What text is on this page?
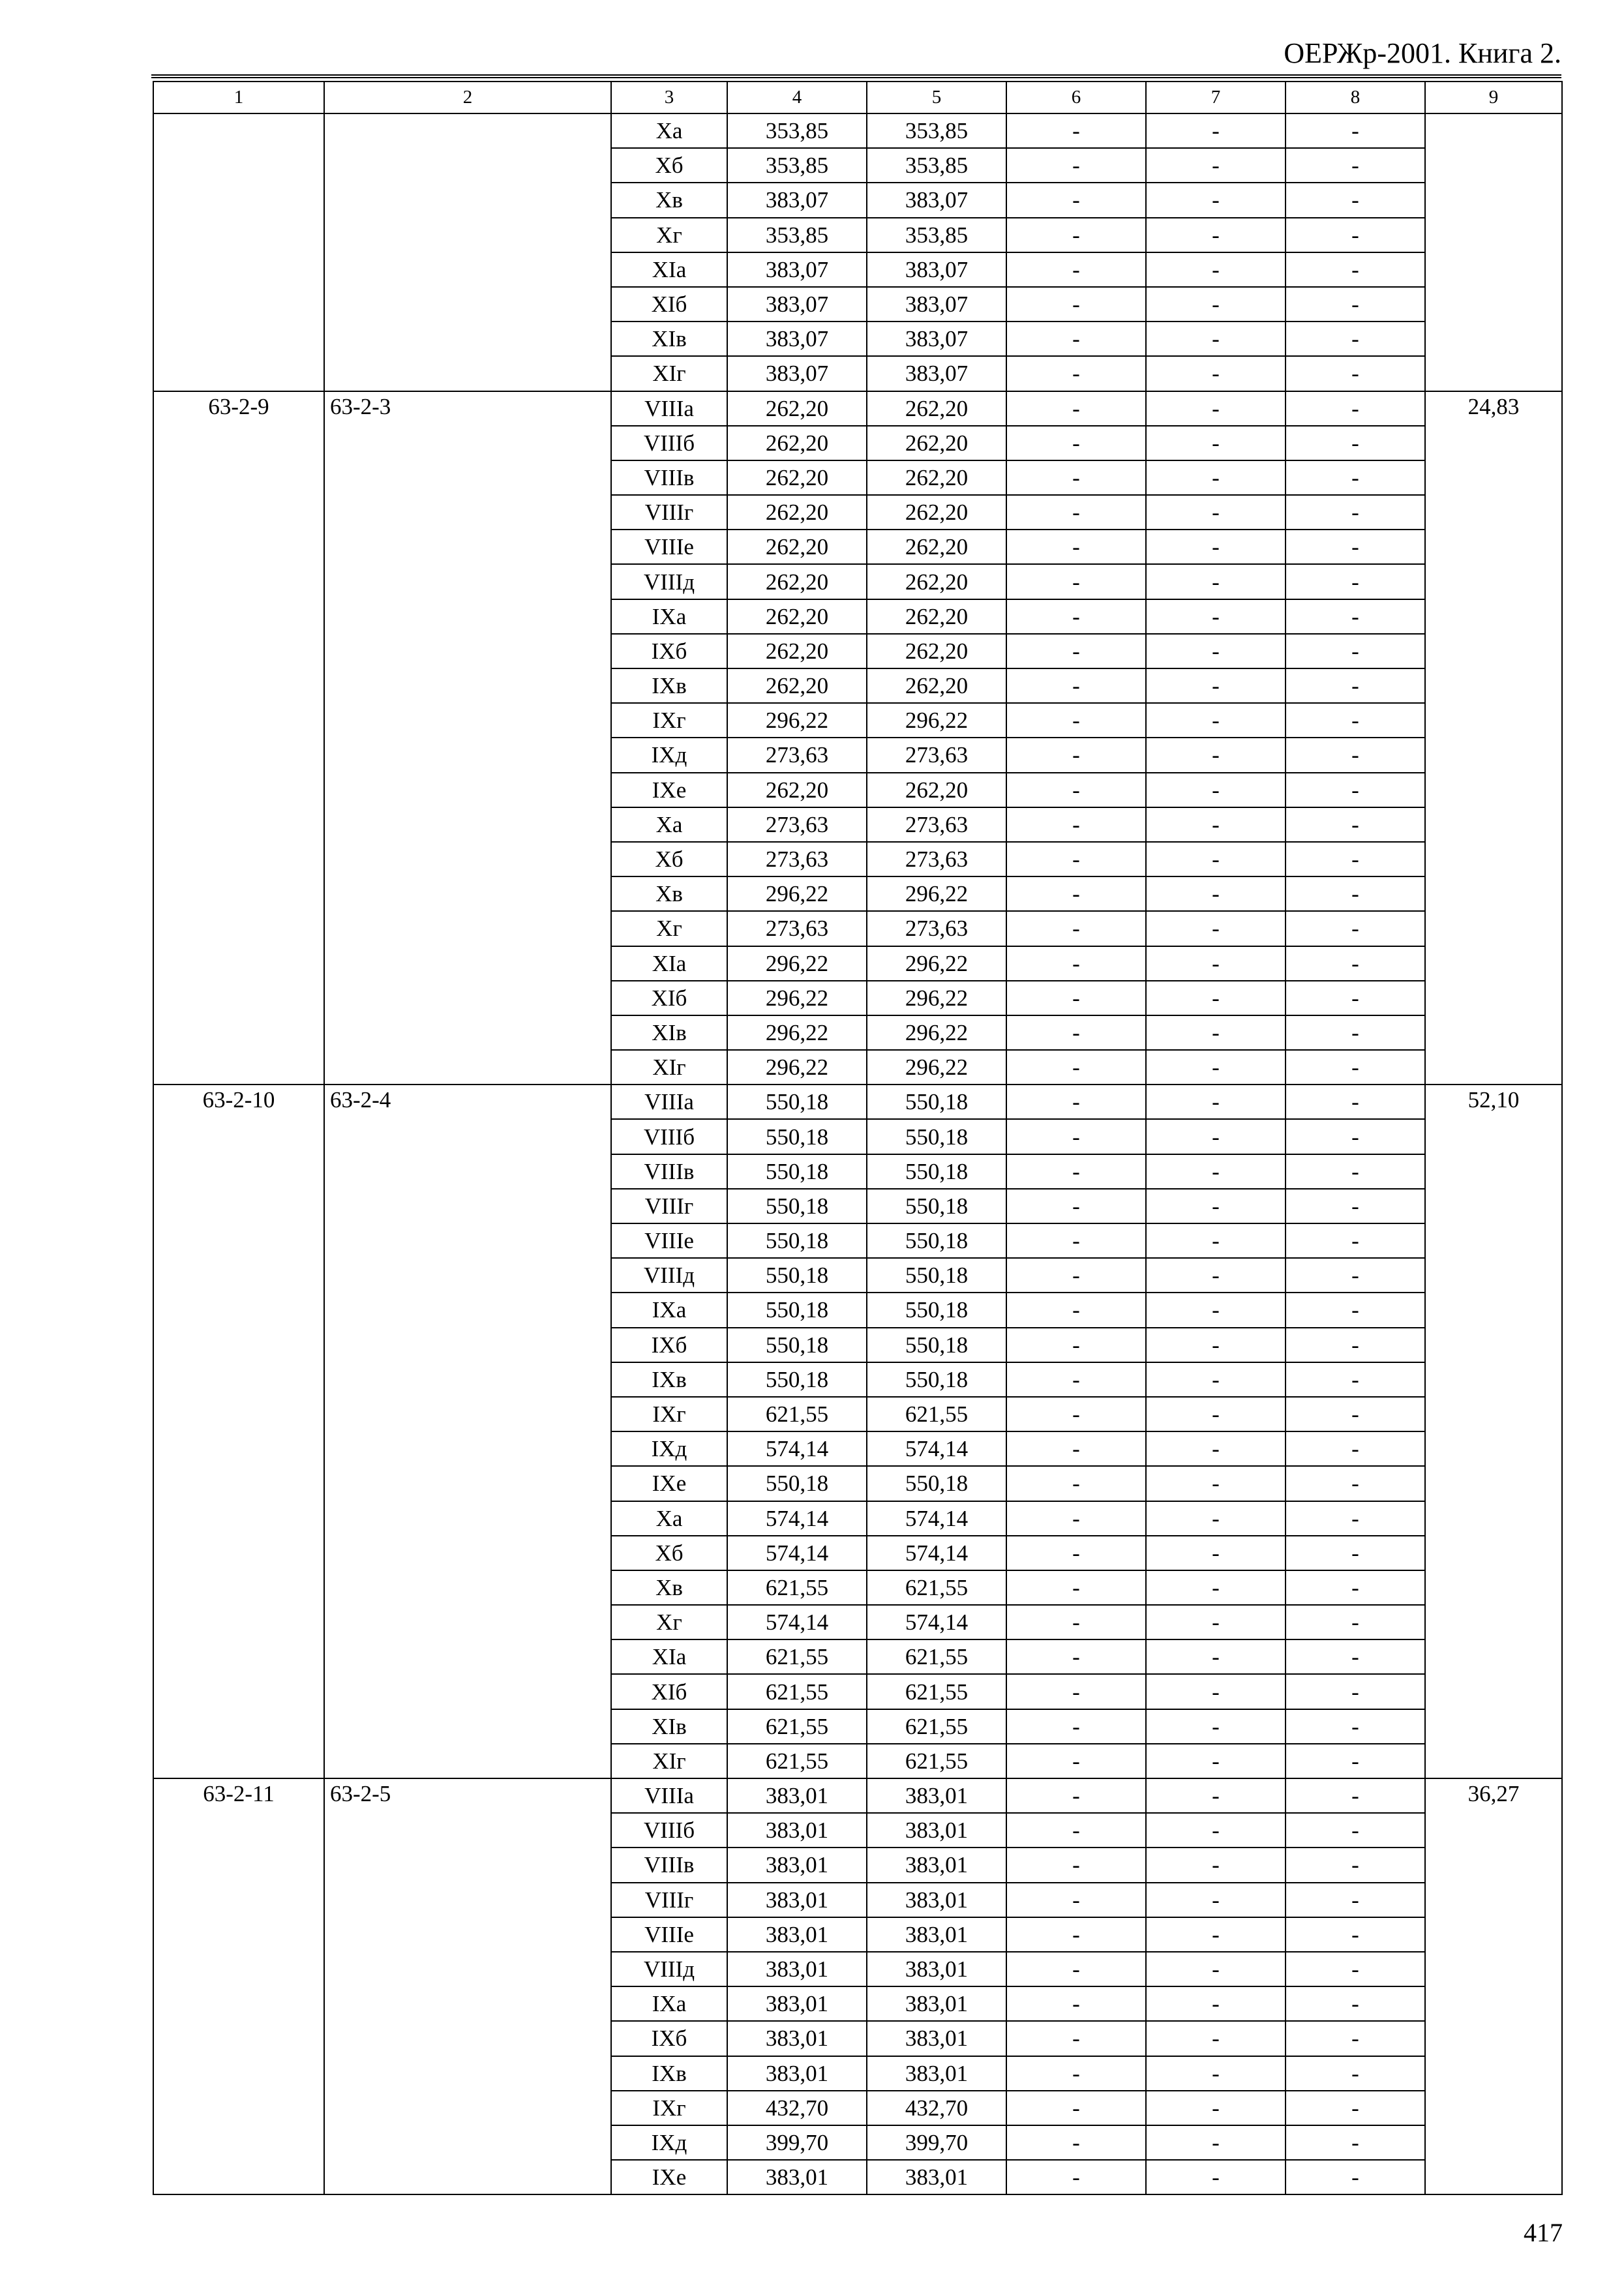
ОЕРЖр-2001. Книга 2.
1	2	3	4	5	6	7	8	9
		Xa	353,85	353,85	-	-	-	
		Xб	353,85	353,85	-	-	-	
		Xв	383,07	383,07	-	-	-	
		Xг	353,85	353,85	-	-	-	
		XIa	383,07	383,07	-	-	-	
		XIб	383,07	383,07	-	-	-	
		XIв	383,07	383,07	-	-	-	
		XIг	383,07	383,07	-	-	-	
63-2-9	63-2-3	VIIIa	262,20	262,20	-	-	-	24,83
		VIIIб	262,20	262,20	-	-	-	
		VIIIв	262,20	262,20	-	-	-	
		VIIIг	262,20	262,20	-	-	-	
		VIIIe	262,20	262,20	-	-	-	
		VIIIд	262,20	262,20	-	-	-	
		IXa	262,20	262,20	-	-	-	
		IXб	262,20	262,20	-	-	-	
		IXв	262,20	262,20	-	-	-	
		IXг	296,22	296,22	-	-	-	
		IXд	273,63	273,63	-	-	-	
		IXe	262,20	262,20	-	-	-	
		Xa	273,63	273,63	-	-	-	
		Xб	273,63	273,63	-	-	-	
		Xв	296,22	296,22	-	-	-	
		Xг	273,63	273,63	-	-	-	
		XIa	296,22	296,22	-	-	-	
		XIб	296,22	296,22	-	-	-	
		XIв	296,22	296,22	-	-	-	
		XIг	296,22	296,22	-	-	-	
63-2-10	63-2-4	VIIIa	550,18	550,18	-	-	-	52,10
		VIIIб	550,18	550,18	-	-	-	
		VIIIв	550,18	550,18	-	-	-	
		VIIIг	550,18	550,18	-	-	-	
		VIIIe	550,18	550,18	-	-	-	
		VIIIд	550,18	550,18	-	-	-	
		IXa	550,18	550,18	-	-	-	
		IXб	550,18	550,18	-	-	-	
		IXв	550,18	550,18	-	-	-	
		IXг	621,55	621,55	-	-	-	
		IXд	574,14	574,14	-	-	-	
		IXe	550,18	550,18	-	-	-	
		Xa	574,14	574,14	-	-	-	
		Xб	574,14	574,14	-	-	-	
		Xв	621,55	621,55	-	-	-	
		Xг	574,14	574,14	-	-	-	
		XIa	621,55	621,55	-	-	-	
		XIб	621,55	621,55	-	-	-	
		XIв	621,55	621,55	-	-	-	
		XIг	621,55	621,55	-	-	-	
63-2-11	63-2-5	VIIIa	383,01	383,01	-	-	-	36,27
		VIIIб	383,01	383,01	-	-	-	
		VIIIв	383,01	383,01	-	-	-	
		VIIIг	383,01	383,01	-	-	-	
		VIIIe	383,01	383,01	-	-	-	
		VIIIд	383,01	383,01	-	-	-	
		IXa	383,01	383,01	-	-	-	
		IXб	383,01	383,01	-	-	-	
		IXв	383,01	383,01	-	-	-	
		IXг	432,70	432,70	-	-	-	
		IXд	399,70	399,70	-	-	-	
		IXe	383,01	383,01	-	-	-	
417
